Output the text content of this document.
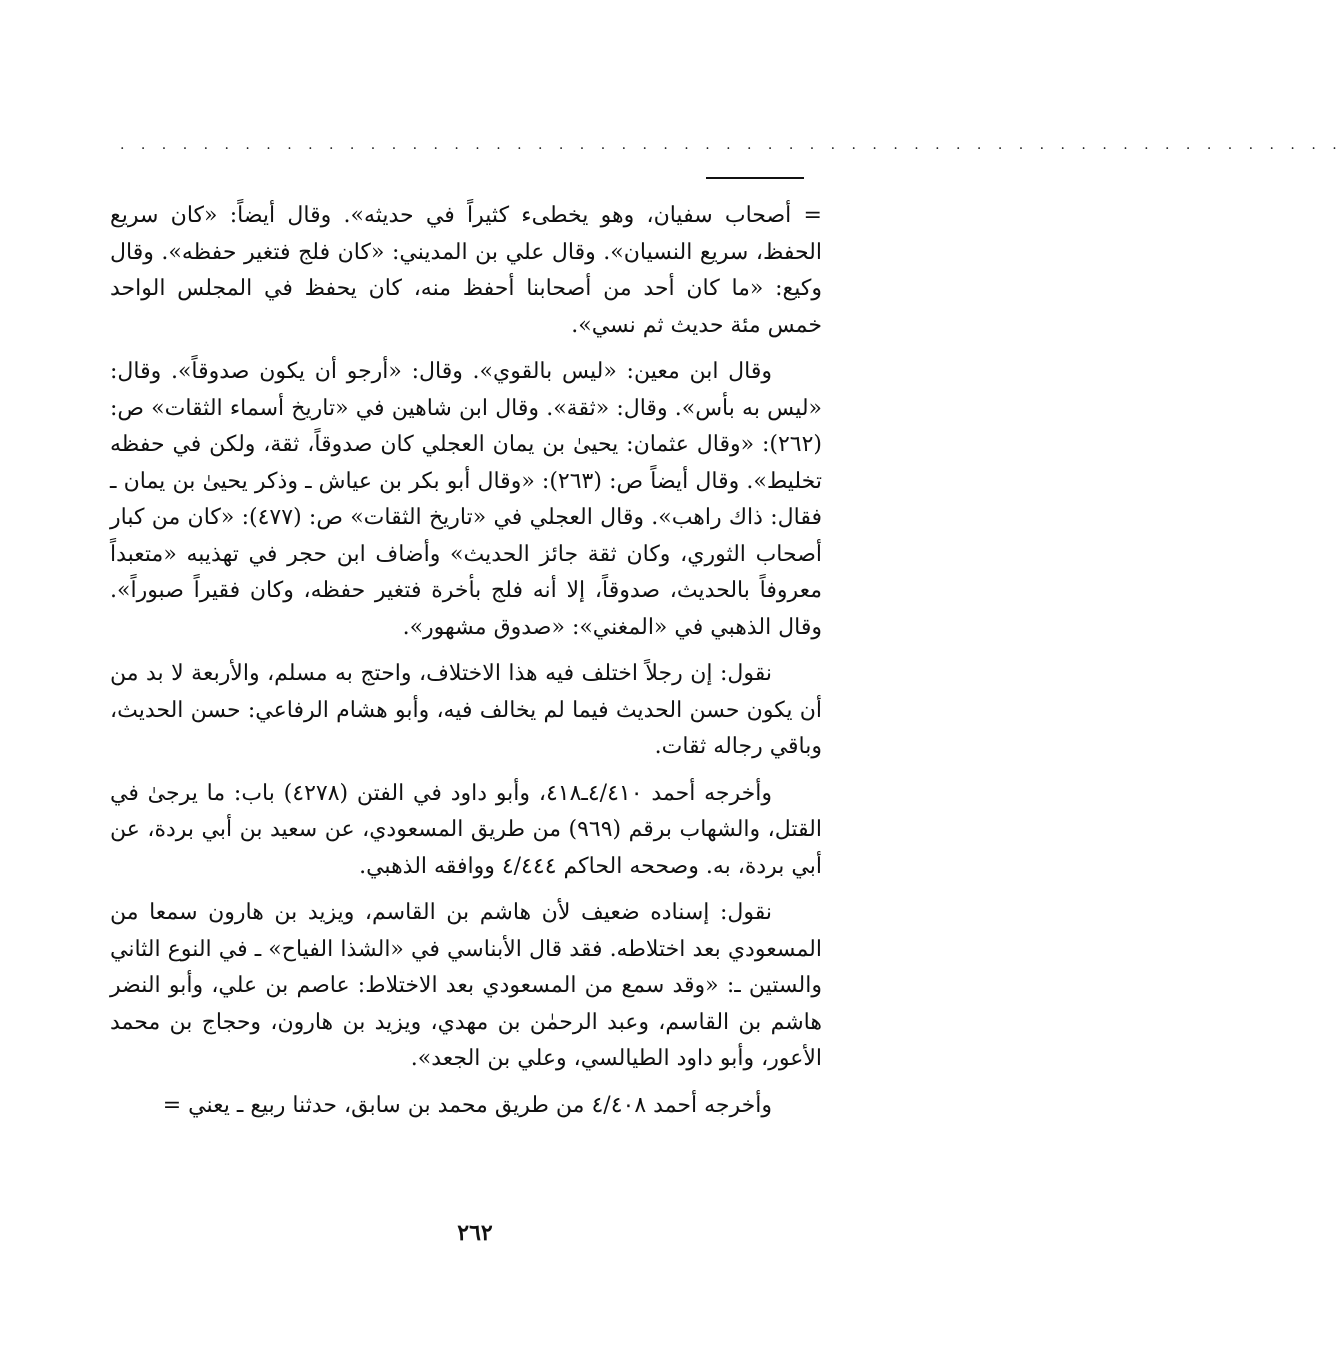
. . . . . . . . . . . . . . . . . . . . . . . . . . . . . . . . . . . . . . . . . . . . . . . . . . . . . . . . . . .

= أصحاب سفيان، وهو يخطىء كثيراً في حديثه». وقال أيضاً: «كان سريع الحفظ، سريع النسيان». وقال علي بن المديني: «كان فلج فتغير حفظه». وقال وكيع: «ما كان أحد من أصحابنا أحفظ منه، كان يحفظ في المجلس الواحد خمس مئة حديث ثم نسي».

وقال ابن معين: «ليس بالقوي». وقال: «أرجو أن يكون صدوقاً». وقال: «ليس به بأس». وقال: «ثقة». وقال ابن شاهين في «تاريخ أسماء الثقات» ص: (٢٦٢): «وقال عثمان: يحيىٰ بن يمان العجلي كان صدوقاً، ثقة، ولكن في حفظه تخليط». وقال أيضاً ص: (٢٦٣): «وقال أبو بكر بن عياش ـ وذكر يحيىٰ بن يمان ـ فقال: ذاك راهب». وقال العجلي في «تاريخ الثقات» ص: (٤٧٧): «كان من كبار أصحاب الثوري، وكان ثقة جائز الحديث» وأضاف ابن حجر في تهذيبه «متعبداً معروفاً بالحديث، صدوقاً، إلا أنه فلج بأخرة فتغير حفظه، وكان فقيراً صبوراً». وقال الذهبي في «المغني»: «صدوق مشهور».

نقول: إن رجلاً اختلف فيه هذا الاختلاف، واحتج به مسلم، والأربعة لا بد من أن يكون حسن الحديث فيما لم يخالف فيه، وأبو هشام الرفاعي: حسن الحديث، وباقي رجاله ثقات.

وأخرجه أحمد ٤/٤١٠ـ٤١٨، وأبو داود في الفتن (٤٢٧٨) باب: ما يرجىٰ في القتل، والشهاب برقم (٩٦٩) من طريق المسعودي، عن سعيد بن أبي بردة، عن أبي بردة، به. وصححه الحاكم ٤/٤٤٤ ووافقه الذهبي.

نقول: إسناده ضعيف لأن هاشم بن القاسم، ويزيد بن هارون سمعا من المسعودي بعد اختلاطه. فقد قال الأبناسي في «الشذا الفياح» ـ في النوع الثاني والستين ـ: «وقد سمع من المسعودي بعد الاختلاط: عاصم بن علي، وأبو النضر هاشم بن القاسم، وعبد الرحمٰن بن مهدي، ويزيد بن هارون، وحجاج بن محمد الأعور، وأبو داود الطيالسي، وعلي بن الجعد».

وأخرجه أحمد ٤/٤٠٨ من طريق محمد بن سابق، حدثنا ربيع ـ يعني =

٢٦٢
